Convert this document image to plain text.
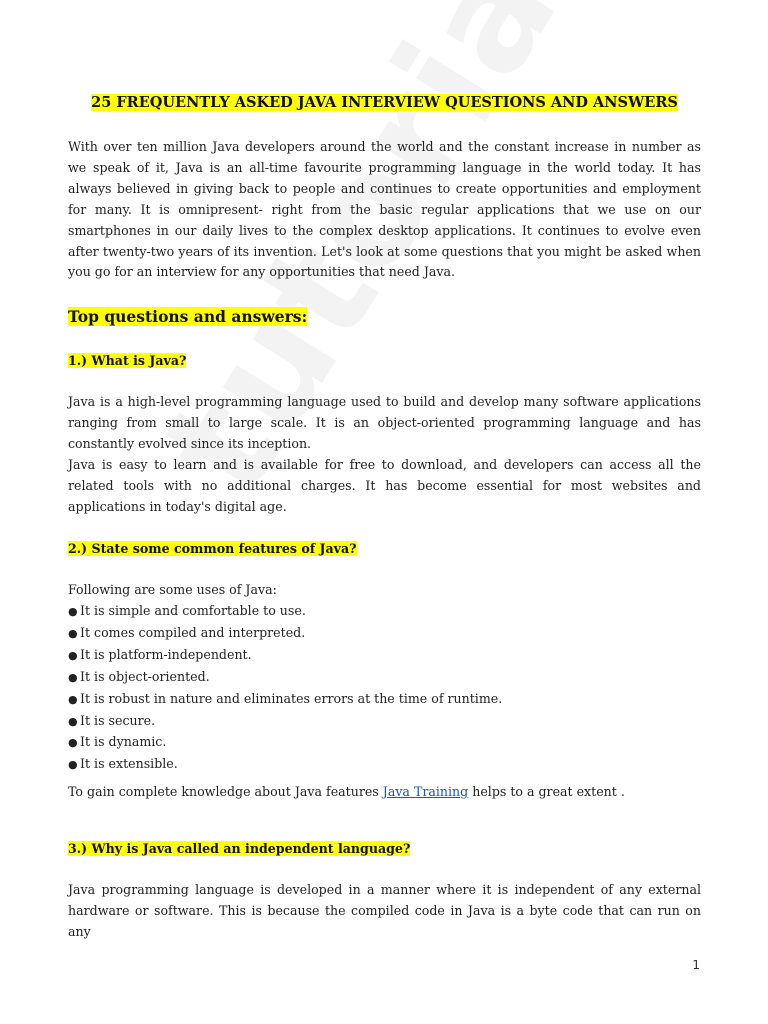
25 FREQUENTLY ASKED JAVA INTERVIEW QUESTIONS AND ANSWERS

With over ten million Java developers around the world and the constant increase in number as we speak of it, Java is an all-time favourite programming language in the world today. It has always believed in giving back to people and continues to create opportunities and employment for many. It is omnipresent- right from the basic regular applications that we use on our smartphones in our daily lives to the complex desktop applications. It continues to evolve even after twenty-two years of its invention. Let's look at some questions that you might be asked when you go for an interview for any opportunities that need Java.

Top questions and answers:
1.) What is Java?

Java is a high-level programming language used to build and develop many software applications ranging from small to large scale. It is an object-oriented programming language and has constantly evolved since its inception.

Java is easy to learn and is available for free to download, and developers can access all the related tools with no additional charges. It has become essential for most websites and applications in today's digital age.

2.) State some common features of Java?
Following are some uses of Java:
● It is simple and comfortable to use.
● It comes compiled and interpreted.
● It is platform-independent.
● It is object-oriented.
● It is robust in nature and eliminates errors at the time of runtime.
● It is secure.
● It is dynamic.
● It is extensible.
To gain complete knowledge about Java features Java Training helps to a great extent .
3.) Why is Java called an independent language?

Java programming language is developed in a manner where it is independent of any external hardware or software. This is because the compiled code in Java is a byte code that can run on any

1
